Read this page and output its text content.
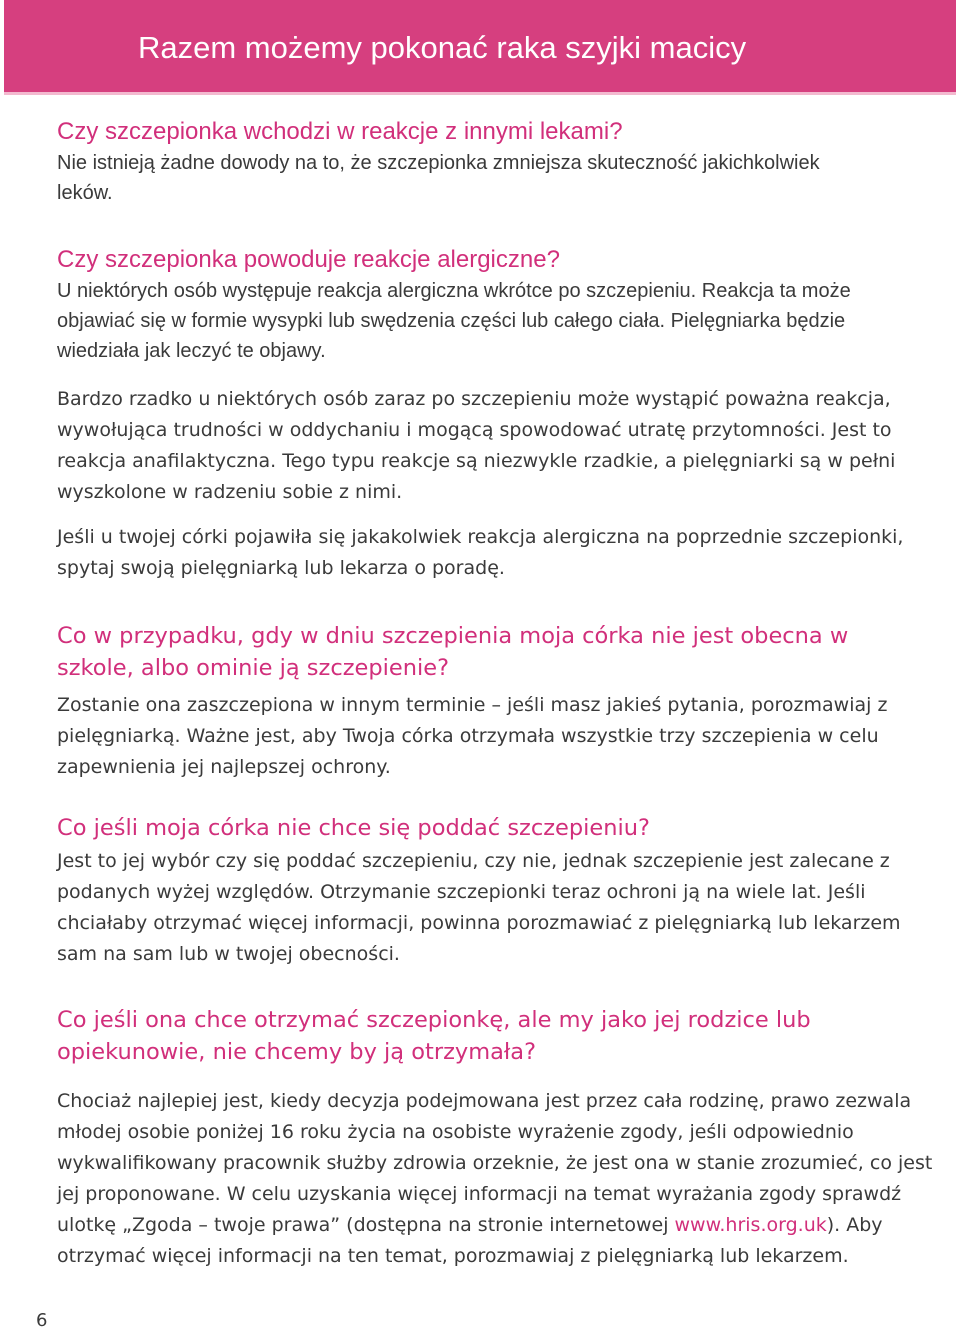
Razem możemy pokonać raka szyjki macicy
Czy szczepionka wchodzi w reakcje z innymi lekami?

Nie istnieją żadne dowody na to, że szczepionka zmniejsza skuteczność jakichkolwiek leków.

Czy szczepionka powoduje reakcje alergiczne?

U niektórych osób występuje reakcja alergiczna wkrótce po szczepieniu. Reakcja ta może objawiać się w formie wysypki lub swędzenia części lub całego ciała. Pielęgniarka będzie wiedziała jak leczyć te objawy.

Bardzo rzadko u niektórych osób zaraz po szczepieniu może wystąpić poważna reakcja, wywołująca trudności w oddychaniu i mogącą spowodować utratę przytomności. Jest to reakcja anafilaktyczna. Tego typu reakcje są niezwykle rzadkie, a pielęgniarki są w pełni wyszkolone w radzeniu sobie z nimi.

Jeśli u twojej córki pojawiła się jakakolwiek reakcja alergiczna na poprzednie szczepionki, spytaj swoją pielęgniarką lub lekarza o poradę.

Co w przypadku, gdy w dniu szczepienia moja córka nie jest obecna w szkole, albo ominie ją szczepienie?

Zostanie ona zaszczepiona w innym terminie – jeśli masz jakieś pytania, porozmawiaj z pielęgniarką. Ważne jest, aby Twoja córka otrzymała wszystkie trzy szczepienia w celu zapewnienia jej najlepszej ochrony.

Co jeśli moja córka nie chce się poddać szczepieniu?

Jest to jej wybór czy się poddać szczepieniu, czy nie, jednak szczepienie jest zalecane z podanych wyżej względów. Otrzymanie szczepionki teraz ochroni ją na wiele lat. Jeśli chciałaby otrzymać więcej informacji, powinna porozmawiać z pielęgniarką lub lekarzem sam na sam lub w twojej obecności.

Co jeśli ona chce otrzymać szczepionkę, ale my jako jej rodzice lub opiekunowie, nie chcemy by ją otrzymała?

Chociaż najlepiej jest, kiedy decyzja podejmowana jest przez cała rodzinę, prawo zezwala młodej osobie poniżej 16 roku życia na osobiste wyrażenie zgody, jeśli odpowiednio wykwalifikowany pracownik służby zdrowia orzeknie, że jest ona w stanie zrozumieć, co jest jej proponowane. W celu uzyskania więcej informacji na temat wyrażania zgody sprawdź ulotkę „Zgoda – twoje prawa” (dostępna na stronie internetowej www.hris.org.uk). Aby otrzymać więcej informacji na ten temat, porozmawiaj z pielęgniarką lub lekarzem.

6
